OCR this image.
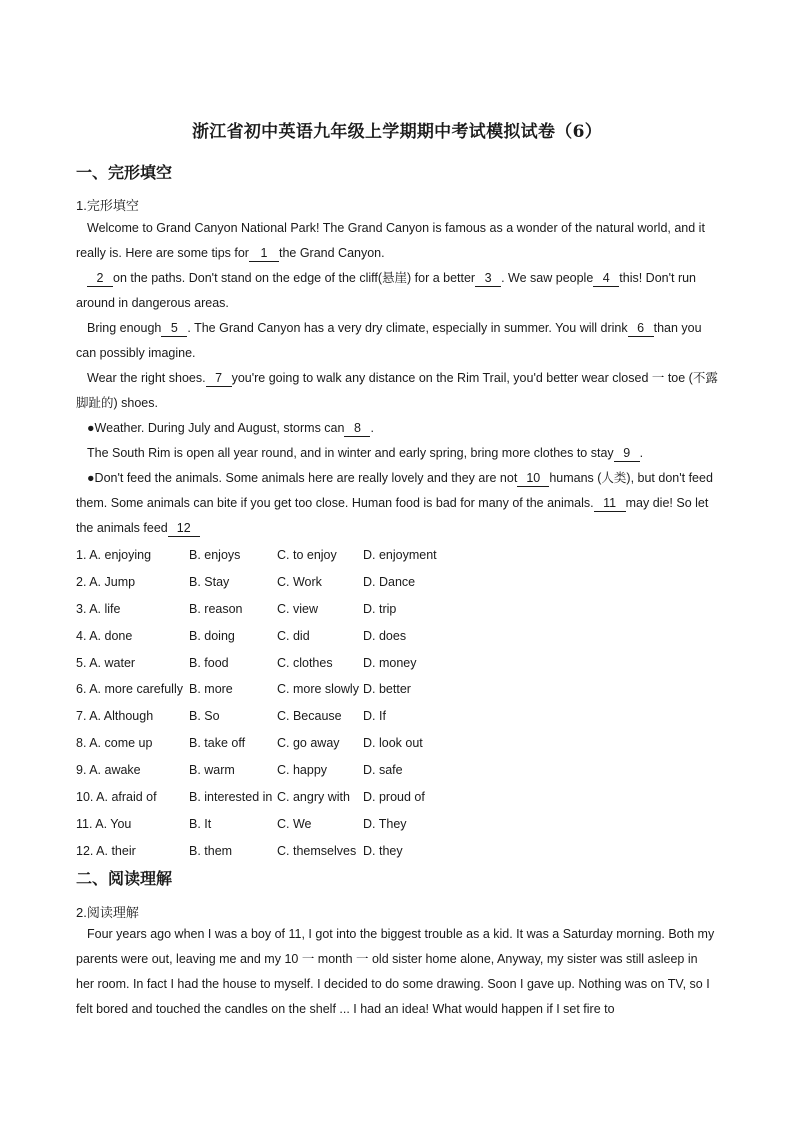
浙江省初中英语九年级上学期期中考试模拟试卷（6）
一、完形填空
1.完形填空

Welcome to Grand Canyon National Park! The Grand Canyon is famous as a wonder of the natural world, and it really is. Here are some tips for 1 the Grand Canyon.

2 on the paths. Don't stand on the edge of the cliff(悬崖) for a better 3 . We saw people 4 this! Don't run around in dangerous areas.

Bring enough 5 . The Grand Canyon has a very dry climate, especially in summer. You will drink 6 than you can possibly imagine.

Wear the right shoes. 7 you're going to walk any distance on the Rim Trail, you'd better wear closed 一 toe (不露脚趾的) shoes.

●Weather. During July and August, storms can 8 .

The South Rim is open all year round, and in winter and early spring, bring more clothes to stay 9 .

●Don't feed the animals. Some animals here are really lovely and they are not 10 humans (人类), but don't feed them. Some animals can bite if you get too close. Human food is bad for many of the animals. 11 may die! So let the animals feed 12

1. A. enjoying	B. enjoys	C. to enjoy D. enjoyment
2. A. Jump	B. Stay	C. Work	D. Dance
3. A. life	B. reason	C. view	D. trip
4. A. done	B. doing	C. did	D. does
5. A. water	B. food	C. clothes D. money
6. A. more carefully B. more	C. more slowly D. better
7. A. Although	B. So	C. Because D. If
8. A. come up	B. take off	C. go away D. look out
9. A. awake	B. warm	C. happy	D. safe
10. A. afraid of	B. interested in C. angry with D. proud of
11. A. You	B. It	C. We	D. They
12. A. their	B. them	C. themselves D. they
二、阅读理解
2.阅读理解

Four years ago when I was a boy of 11, I got into the biggest trouble as a kid. It was a Saturday morning. Both my parents were out, leaving me and my 10 一 month 一 old sister home alone, Anyway, my sister was still asleep in her room. In fact I had the house to myself. I decided to do some drawing. Soon I gave up. Nothing was on TV, so I felt bored and touched the candles on the shelf ... I had an idea! What would happen if I set fire to
